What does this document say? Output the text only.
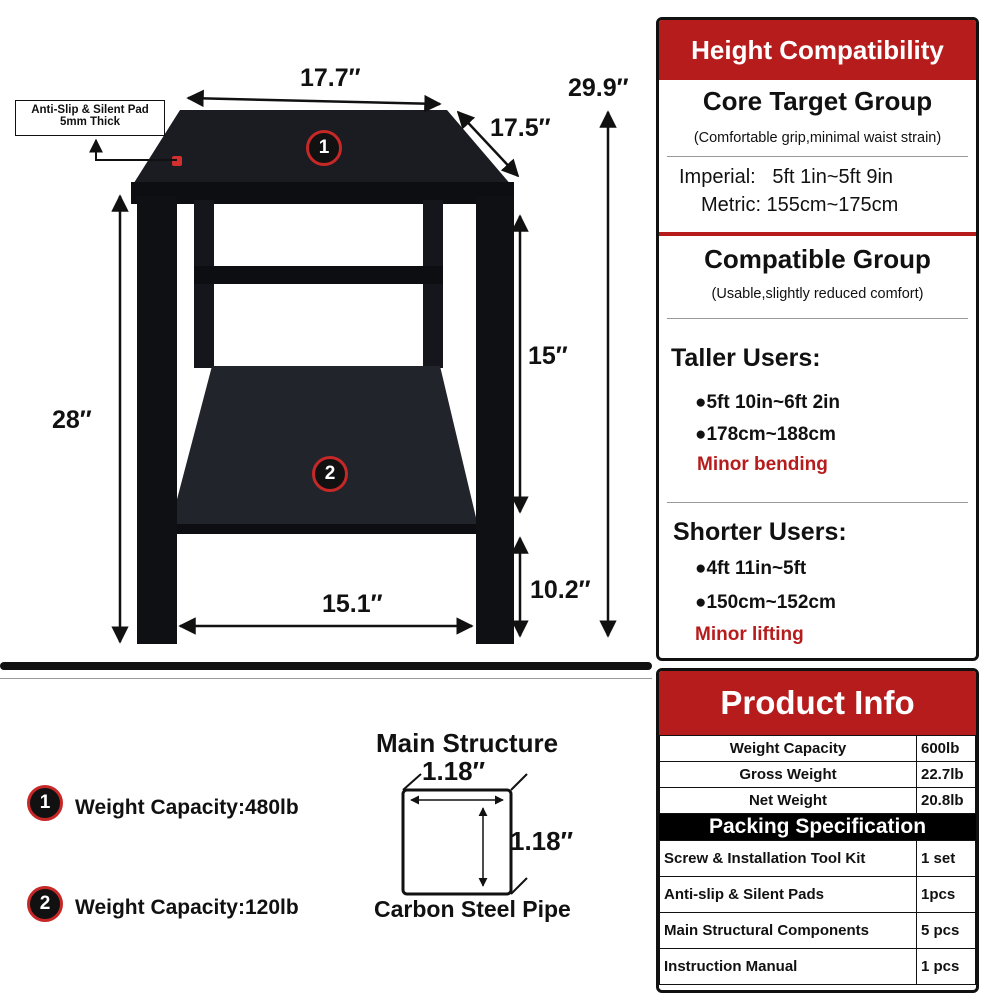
17.7″
17.5″
29.9″
28″
15″
10.2″
15.1″
Anti-Slip & Silent Pad
5mm Thick
1
2
1	Weight Capacity:480lb
2	Weight Capacity:120lb
Main Structure
1.18″
1.18″
Carbon Steel Pipe
Height Compatibility
Core Target Group
(Comfortable grip,minimal waist strain)
Imperial:   5ft 1in~5ft 9in
Metric: 155cm~175cm
Compatible Group
(Usable,slightly reduced comfort)
Taller Users:
●5ft 10in~6ft 2in
●178cm~188cm
Minor bending
Shorter Users:
●4ft 11in~5ft
●150cm~152cm
Minor lifting
Product Info
Weight Capacity	600lb
Gross Weight	22.7lb
Net Weight	20.8lb
Packing Specification
Screw & Installation Tool Kit	1 set
Anti-slip & Silent Pads	1pcs
Main Structural Components	5 pcs
Instruction Manual	1 pcs
